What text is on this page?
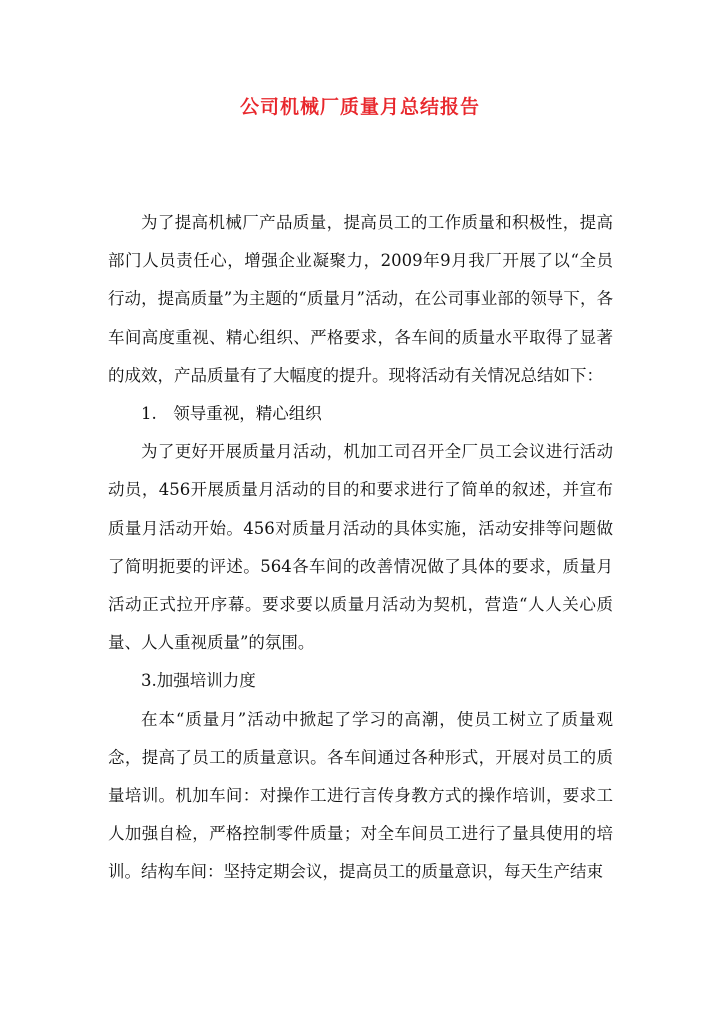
公司机械厂质量月总结报告

为了提高机械厂产品质量，提高员工的工作质量和积极性，提高部门人员责任心，增强企业凝聚力，2009年9月我厂开展了以“全员行动，提高质量”为主题的“质量月”活动，在公司事业部的领导下，各车间高度重视、精心组织、严格要求，各车间的质量水平取得了显著的成效，产品质量有了大幅度的提升。现将活动有关情况总结如下：

1.　领导重视，精心组织

为了更好开展质量月活动，机加工司召开全厂员工会议进行活动动员，456开展质量月活动的目的和要求进行了简单的叙述，并宣布质量月活动开始。456对质量月活动的具体实施，活动安排等问题做了简明扼要的评述。564各车间的改善情况做了具体的要求，质量月活动正式拉开序幕。要求要以质量月活动为契机，营造“人人关心质量、人人重视质量”的氛围。

3.加强培训力度

在本“质量月”活动中掀起了学习的高潮，使员工树立了质量观念，提高了员工的质量意识。各车间通过各种形式，开展对员工的质量培训。机加车间：对操作工进行言传身教方式的操作培训，要求工人加强自检，严格控制零件质量；对全车间员工进行了量具使用的培训。结构车间：坚持定期会议，提高员工的质量意识，每天生产结束
